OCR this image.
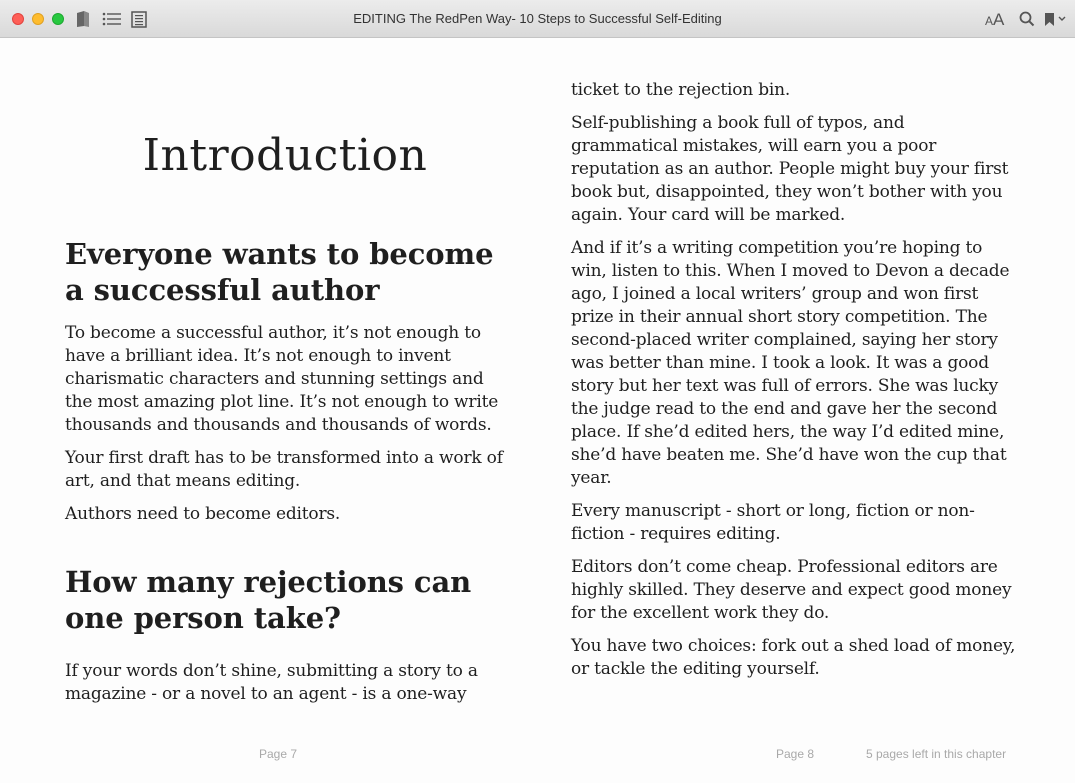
EDITING The RedPen Way- 10 Steps to Successful Self-Editing	AA
Introduction
Everyone wants to become a successful author

To become a successful author, it’s not enough to have a brilliant idea. It’s not enough to invent charismatic characters and stunning settings and the most amazing plot line. It’s not enough to write thousands and thousands and thousands of words.

Your first draft has to be transformed into a work of art, and that means editing.

Authors need to become editors.

How many rejections can one person take?

If your words don’t shine, submitting a story to a magazine - or a novel to an agent - is a one-way

ticket to the rejection bin.

Self-publishing a book full of typos, and grammatical mistakes, will earn you a poor reputation as an author. People might buy your first book but, disappointed, they won’t bother with you again. Your card will be marked.

And if it’s a writing competition you’re hoping to win, listen to this. When I moved to Devon a decade ago, I joined a local writers’ group and won first prize in their annual short story competition. The second-placed writer complained, saying her story was better than mine. I took a look. It was a good story but her text was full of errors. She was lucky the judge read to the end and gave her the second place. If she’d edited hers, the way I’d edited mine, she’d have beaten me. She’d have won the cup that year.

Every manuscript - short or long, fiction or non-fiction - requires editing.

Editors don’t come cheap. Professional editors are highly skilled. They deserve and expect good money for the excellent work they do.

You have two choices: fork out a shed load of money, or tackle the editing yourself.

Page 7	Page 8	5 pages left in this chapter
